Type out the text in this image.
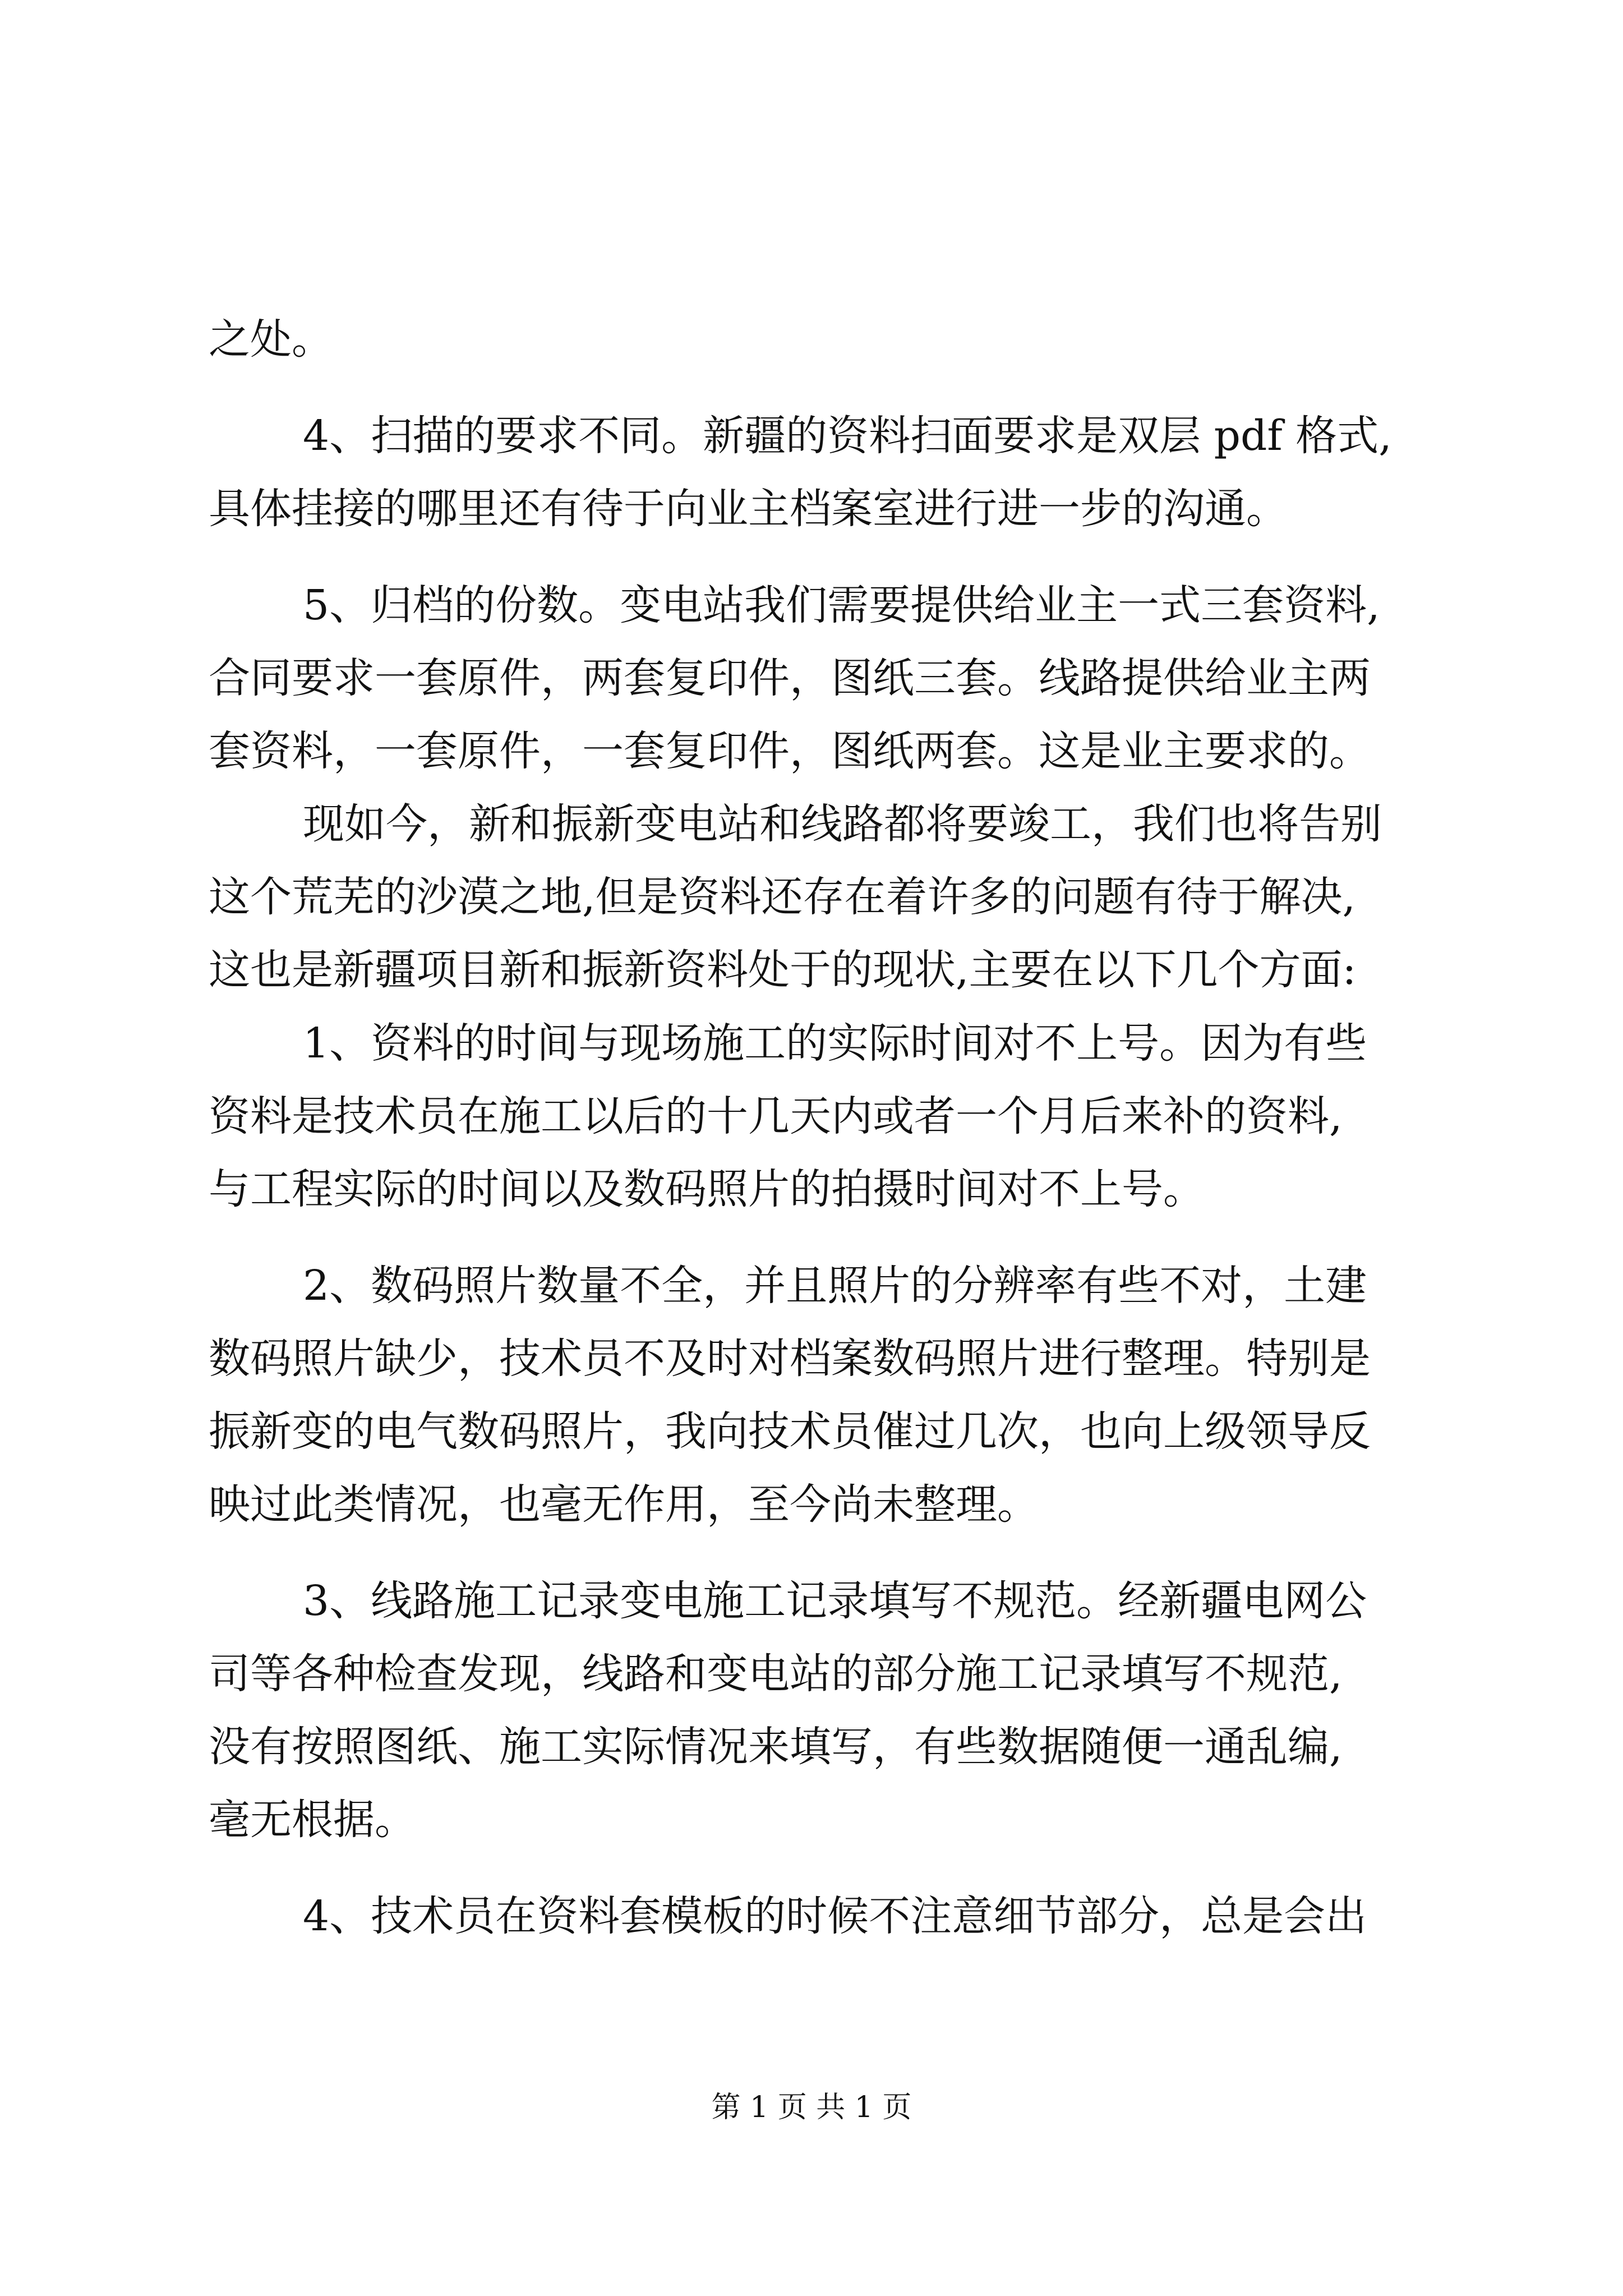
之处。
4、扫描的要求不同。新疆的资料扫面要求是双层 pdf 格式,
具体挂接的哪里还有待于向业主档案室进行进一步的沟通。
5、归档的份数。变电站我们需要提供给业主一式三套资料,
合同要求一套原件，两套复印件，图纸三套。线路提供给业主两
套资料，一套原件，一套复印件，图纸两套。这是业主要求的。
现如今，新和振新变电站和线路都将要竣工，我们也将告别
这个荒芜的沙漠之地,但是资料还存在着许多的问题有待于解决,
这也是新疆项目新和振新资料处于的现状,主要在以下几个方面:
1、资料的时间与现场施工的实际时间对不上号。因为有些
资料是技术员在施工以后的十几天内或者一个月后来补的资料,
与工程实际的时间以及数码照片的拍摄时间对不上号。
2、数码照片数量不全，并且照片的分辨率有些不对，土建
数码照片缺少，技术员不及时对档案数码照片进行整理。特别是
振新变的电气数码照片，我向技术员催过几次，也向上级领导反
映过此类情况，也毫无作用，至今尚未整理。
3、线路施工记录变电施工记录填写不规范。经新疆电网公
司等各种检查发现，线路和变电站的部分施工记录填写不规范,
没有按照图纸、施工实际情况来填写，有些数据随便一通乱编,
毫无根据。
4、技术员在资料套模板的时候不注意细节部分，总是会出
第 1 页 共 1 页
